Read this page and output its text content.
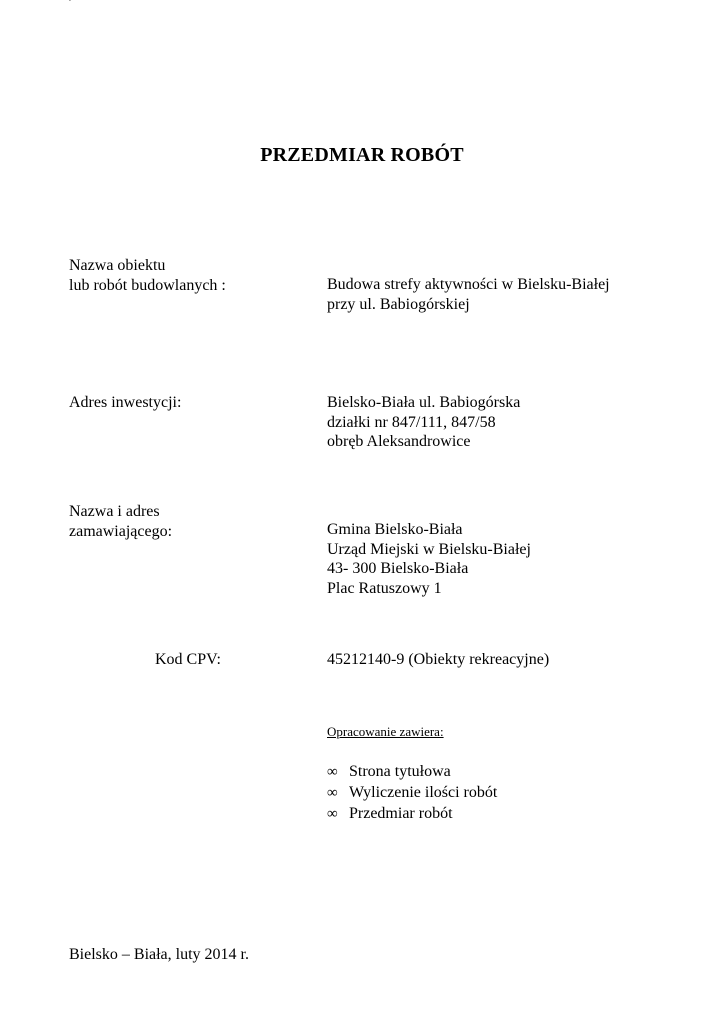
`
PRZEDMIAR ROBÓT
Nazwa obiektu
lub robót budowlanych :	Budowa strefy aktywności w Bielsku-Białej
przy ul. Babiogórskiej
Adres inwestycji:	Bielsko-Biała ul. Babiogórska
działki nr 847/111, 847/58
obręb Aleksandrowice
Nazwa i adres
zamawiającego:	Gmina Bielsko-Biała
Urząd Miejski w Bielsku-Białej
43- 300 Bielsko-Biała
Plac Ratuszowy 1
Kod CPV:	45212140-9 (Obiekty rekreacyjne)
Opracowanie zawiera:
∞ Strona tytułowa
∞ Wyliczenie ilości robót
∞ Przedmiar robót
Bielsko – Biała, luty 2014 r.
